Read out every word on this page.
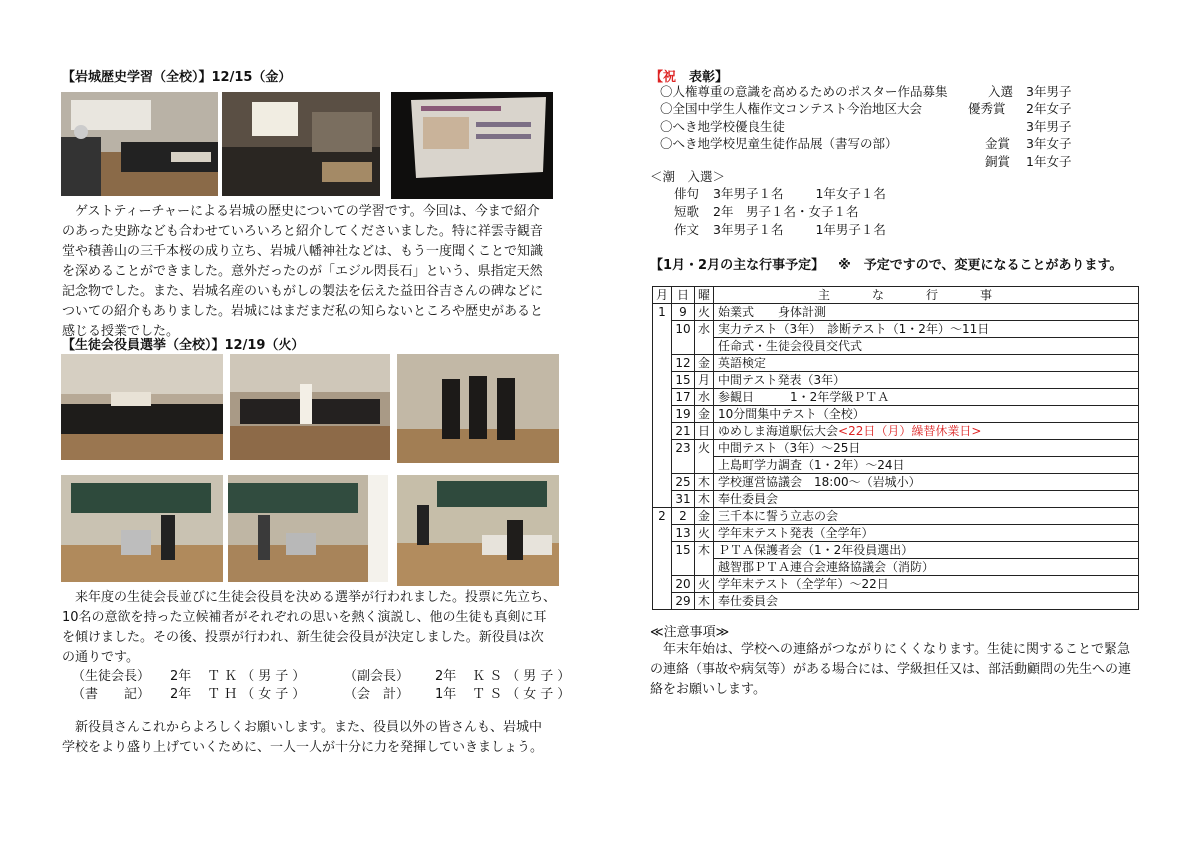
【岩城歴史学習（全校）】12/15（金）

　ゲストティーチャーによる岩城の歴史についての学習です。今回は、今まで紹介

のあった史跡なども合わせていろいろと紹介してくださいました。特に祥雲寺観音

堂や積善山の三千本桜の成り立ち、岩城八幡神社などは、もう一度聞くことで知識

を深めることができました。意外だったのが「エジル閃長石」という、県指定天然

記念物でした。また、岩城名産のいもがしの製法を伝えた益田谷吉さんの碑などに

ついての紹介もありました。岩城にはまだまだ私の知らないところや歴史があると

感じる授業でした。

【生徒会役員選挙（全校）】12/19（火）

　来年度の生徒会長並びに生徒会役員を決める選挙が行われました。投票に先立ち、

10名の意欲を持った立候補者がそれぞれの思いを熱く演説し、他の生徒も真剣に耳

を傾けました。その後、投票が行われ、新生徒会役員が決定しました。新役員は次

の通りです。

（生徒会長） 2年 ＴＫ（男子）	（副会長） 2年 ＫＳ（男子）
（書　　記） 2年 ＴＨ（女子）	（会　計） 1年 ＴＳ（女子）

　新役員さんこれからよろしくお願いします。また、役員以外の皆さんも、岩城中

学校をより盛り上げていくために、一人一人が十分に力を発揮していきましょう。

【祝　表彰】
〇人権尊重の意識を高めるためのポスター作品募集	入選 3年男子
〇全国中学生人権作文コンテスト今治地区大会	優秀賞 2年女子
〇へき地学校優良生徒	3年男子
〇へき地学校児童生徒作品展（書写の部）	金賞 3年女子
銅賞 1年女子
＜潮　入選＞
俳句 3年男子１名	1年女子１名
短歌 2年　男子１名・女子１名
作文 3年男子１名	1年男子１名
【1月・2月の主な行事予定】 ※　予定ですので、変更になることがあります。
月	日	曜	主な行事
1	9	火	始業式　　身体計測
	10	水	実力テスト（3年）　診断テスト（1・2年）～11日
			任命式・生徒会役員交代式
	12	金	英語検定
	15	月	中間テスト発表（3年）
	17	水	参観日　　　1・2年学級ＰＴＡ
	19	金	10分間集中テスト（全校）
	21	日	ゆめしま海道駅伝大会<22日（月）繰替休業日>
	23	火	中間テスト（3年）～25日
			上島町学力調査（1・2年）～24日
	25	木	学校運営協議会　18:00～（岩城小）
	31	木	奉仕委員会
2	2	金	三千本に誓う立志の会
	13	火	学年末テスト発表（全学年）
	15	木	ＰＴＡ保護者会（1・2年役員選出）
			越智郡ＰＴＡ連合会連絡協議会（消防）
	20	火	学年末テスト（全学年）～22日
	29	木	奉仕委員会
≪注意事項≫

　年末年始は、学校への連絡がつながりにくくなります。生徒に関することで緊急

の連絡（事故や病気等）がある場合には、学級担任又は、部活動顧問の先生への連

絡をお願いします。
